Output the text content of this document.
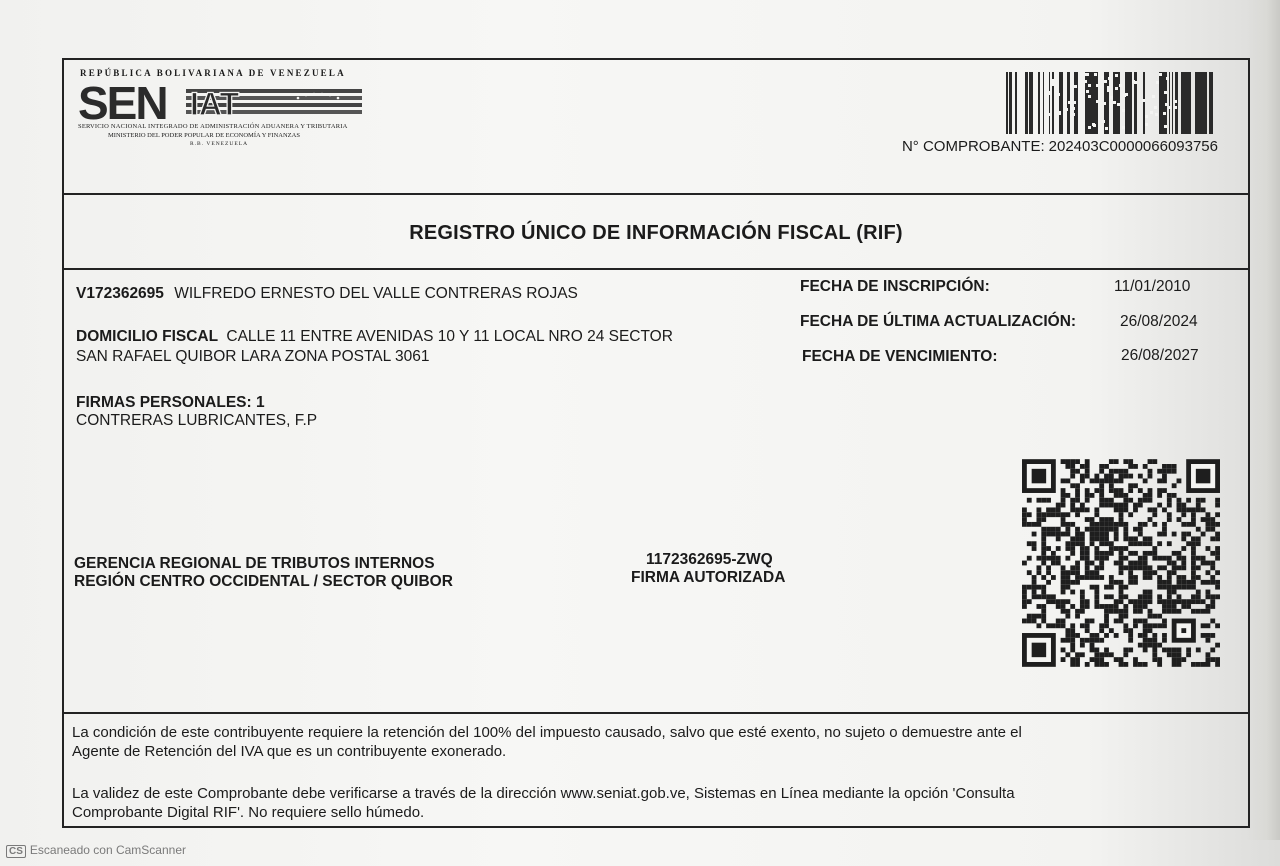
REPÚBLICA BOLIVARIANA DE VENEZUELA
SEN IAT
SERVICIO NACIONAL INTEGRADO DE ADMINISTRACIÓN ADUANERA Y TRIBUTARIA
MINISTERIO DEL PODER POPULAR DE ECONOMÍA Y FINANZAS
R.B. VENEZUELA	N° COMPROBANTE: 202403C0000066093756
REGISTRO ÚNICO DE INFORMACIÓN FISCAL (RIF)
V172362695 WILFREDO ERNESTO DEL VALLE CONTRERAS ROJAS
DOMICILIO FISCAL CALLE 11 ENTRE AVENIDAS 10 Y 11 LOCAL NRO 24 SECTOR
SAN RAFAEL QUIBOR LARA ZONA POSTAL 3061
FIRMAS PERSONALES: 1
CONTRERAS LUBRICANTES, F.P
FECHA DE INSCRIPCIÓN:	11/01/2010
FECHA DE ÚLTIMA ACTUALIZACIÓN:	26/08/2024
FECHA DE VENCIMIENTO:	26/08/2027
GERENCIA REGIONAL DE TRIBUTOS INTERNOS
REGIÓN CENTRO OCCIDENTAL / SECTOR QUIBOR
1172362695-ZWQ
FIRMA AUTORIZADA
La condición de este contribuyente requiere la retención del 100% del impuesto causado, salvo que esté exento, no sujeto o demuestre ante el
Agente de Retención del IVA que es un contribuyente exonerado.
La validez de este Comprobante debe verificarse a través de la dirección www.seniat.gob.ve, Sistemas en Línea mediante la opción 'Consulta
Comprobante Digital RIF'. No requiere sello húmedo.
CS Escaneado con CamScanner
